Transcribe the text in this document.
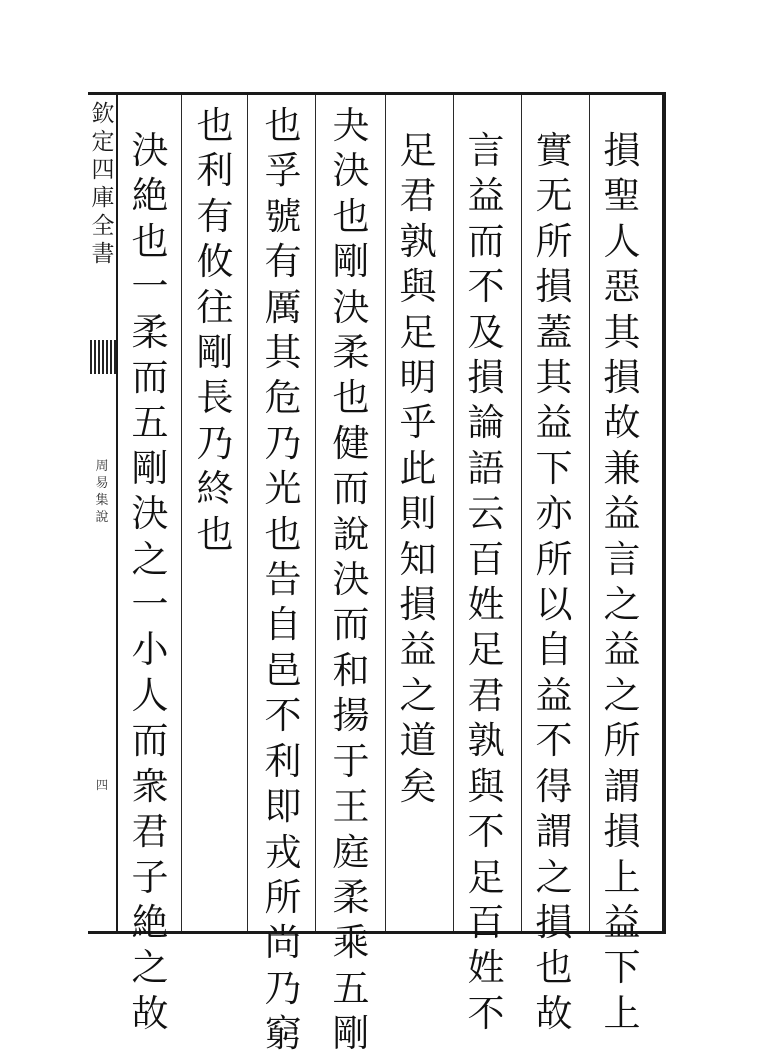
欽定四庫全書
周易集說
四
損聖人惡其損故兼益言之益之所謂損上益下上
實无所損蓋其益下亦所以自益不得謂之損也故
言益而不及損論語云百姓足君孰與不足百姓不
足君孰與足明乎此則知損益之道矣
夬決也剛決柔也健而說決而和揚于王庭柔乘五剛
也孚號有厲其危乃光也告自邑不利即戎所尚乃窮
也利有攸往剛長乃終也
決絶也一柔而五剛決之一小人而衆君子絶之故
